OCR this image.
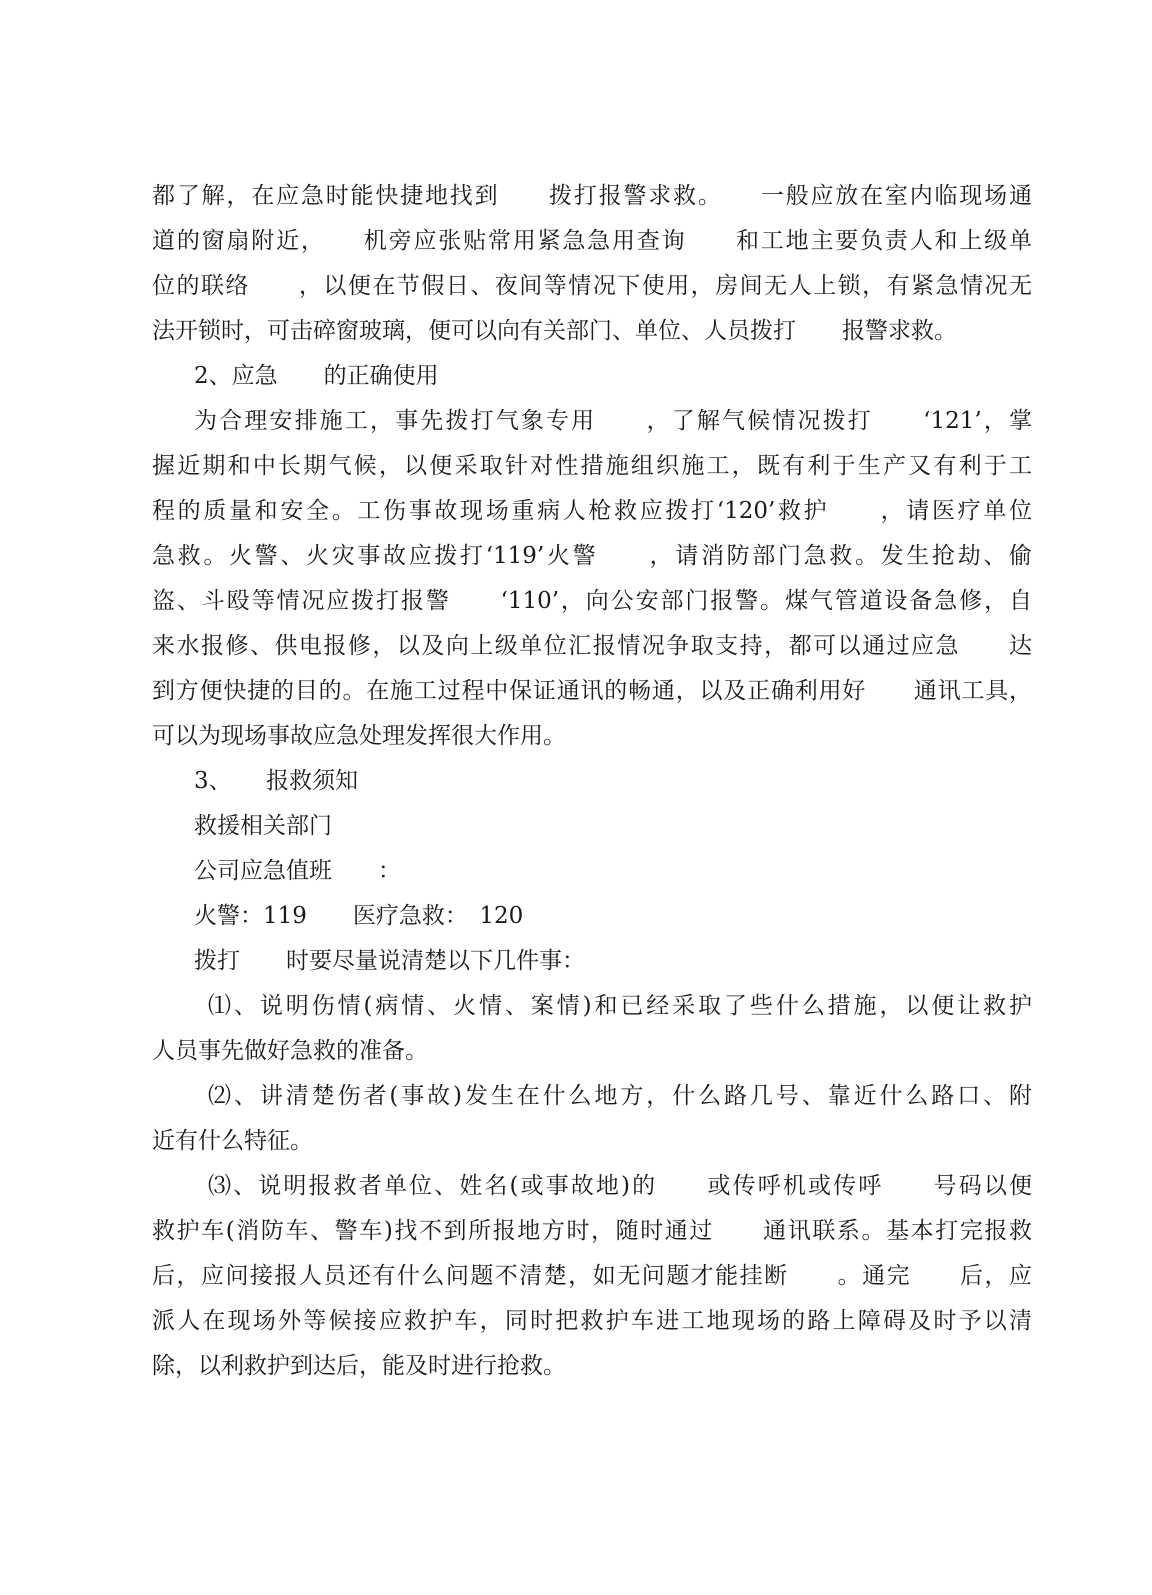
都了解，在应急时能快捷地找到　　拨打报警求救。　　一般应放在室内临现场通
道的窗扇附近，　　机旁应张贴常用紧急急用查询　　和工地主要负责人和上级单
位的联络　　，以便在节假日、夜间等情况下使用，房间无人上锁，有紧急情况无
法开锁时，可击碎窗玻璃，便可以向有关部门、单位、人员拨打　　报警求救。
2、应急　　的正确使用
为合理安排施工，事先拨打气象专用　　，了解气候情况拨打　　‘121’，掌
握近期和中长期气候，以便采取针对性措施组织施工，既有利于生产又有利于工
程的质量和安全。工伤事故现场重病人枪救应拨打‘120’救护　　，请医疗单位
急救。火警、火灾事故应拨打‘119’火警　　，请消防部门急救。发生抢劫、偷
盗、斗殴等情况应拨打报警　　‘110’，向公安部门报警。煤气管道设备急修，自
来水报修、供电报修，以及向上级单位汇报情况争取支持，都可以通过应急　　达
到方便快捷的目的。在施工过程中保证通讯的畅通，以及正确利用好　　通讯工具，
可以为现场事故应急处理发挥很大作用。
3、　　报救须知
救援相关部门
公司应急值班　　：
火警：119　　医疗急救：　120
拨打　　时要尽量说清楚以下几件事：
⑴、说明伤情(病情、火情、案情)和已经采取了些什么措施，以便让救护
人员事先做好急救的准备。
⑵、讲清楚伤者(事故)发生在什么地方，什么路几号、靠近什么路口、附
近有什么特征。
⑶、说明报救者单位、姓名(或事故地)的　　或传呼机或传呼　　号码以便
救护车(消防车、警车)找不到所报地方时，随时通过　　通讯联系。基本打完报救
后，应问接报人员还有什么问题不清楚，如无问题才能挂断　　。通完　　后，应
派人在现场外等候接应救护车，同时把救护车进工地现场的路上障碍及时予以清
除，以利救护到达后，能及时进行抢救。
